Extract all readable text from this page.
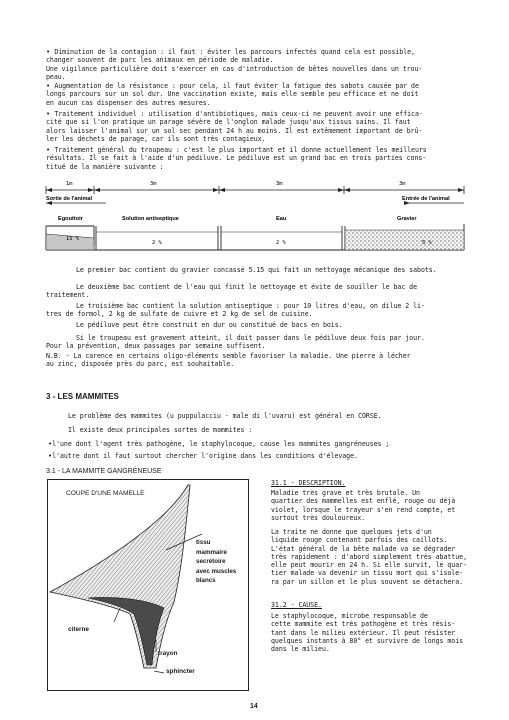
• Diminution de la contagion : il faut : éviter les parcours infectés quand cela est possible,
changer souvent de parc les animaux en période de maladie.
Une vigilance particulière doit s'exercer en cas d'introduction de bêtes nouvelles dans un trou-
peau.
• Augmentation de la résistance : pour cela, il faut éviter la fatigue des sabots causée par de
longs parcours sur un sol dur. Une vaccination existe, mais elle semble peu efficace et ne doit
en aucun cas dispenser des autres mesures.
• Traitement individuel : utilisation d'antibiotiques, mais ceux-ci ne peuvent avoir une effica-
cité que si l'on pratique un parage sévère de l'onglon malade jusqu'aux tissus sains. Il faut
alors laisser l'animal sur un sol sec pendant 24 h au moins. Il est extêmement important de brû-
ler les déchets de parage, car ils sont très contagieux.
• Traitement général du troupeau : c'est le plus important et il donne actuellement les meilleurs
résultats. Il se fait à l'aide d'un pédiluve. Le pédiluve est un grand bac en trois parties cons-
titué de la manière suivante :
1m	3m	3m	3m
Sortie de l'animal	Entrée de l'animal
Egouttoir	Solution antiseptique	Eau	Gravier
15 %
2 %	2 %	5 %
Le premier bac contient du gravier concassé 5.15 qui fait un nettoyage mécanique des sabots.
Le deuxième bac contient de l'eau qui finit le nettoyage et évite de souiller le bac de
traitement.
Le troisième bac contient la solution antiseptique : pour 10 litres d'eau, on dilue 2 li-
tres de formol, 2 kg de sulfate de cuivre et 2 kg de sel de cuisine.
Le pédiluve peut être construit en dur ou constitué de bacs en bois.
Si le troupeau est gravement atteint, il doit passer dans le pédiluve deux fois par jour.
Pour la prévention, deux passages par semaine suffisent.
N.B. - La carence en certains oligo-éléments semble favoriser la maladie. Une pierre à lécher
au zinc, disposée près du parc, est souhaitable.
3 - LES MAMMITES
Le problème des mammites (u puppulacciu - male di l'uvaru) est général en CORSE.
Il existe deux principales sortes de mammites :
•l'une dont l'agent très pathogène, le staphylocoque, cause les mammites gangréneuses ;
•l'autre dont il faut surtout chercher l'origine dans les conditions d'élevage.
3.1 - LA MAMMITE GANGRÉNEUSE
COUPE D'UNE MAMELLE
tissu
mammaire
secrétoire
avec muscles
blancs
citerne
trayon
sphincter
31.1 - DESCRIPTION.
Maladie très grave et très brutale. Un
quartier des mammelles est enflé, rouge ou déjà
violet, lorsque le trayeur s'en rend compte, et
surtout très douloureux.
La traite ne donne que quelques jets d'un
liquide rouge contenant parfois des caillots.
L'état général de la bête malade va se dégrader
très rapidement : d'abord simplement très abattue,
elle peut mourir en 24 h. Si elle survit, le quar-
tier malade va devenir un tissu mort qui s'isole-
ra par un sillon et le plus souvent se détachera.
31.2 - CAUSE.
Le staphylocoque, microbe responsable de
cette mammite est très pathogène et très résis-
tant dans le milieu extérieur. Il peut résister
quelques instants à 80° et survivre de longs mois
dans le milieu.
14
